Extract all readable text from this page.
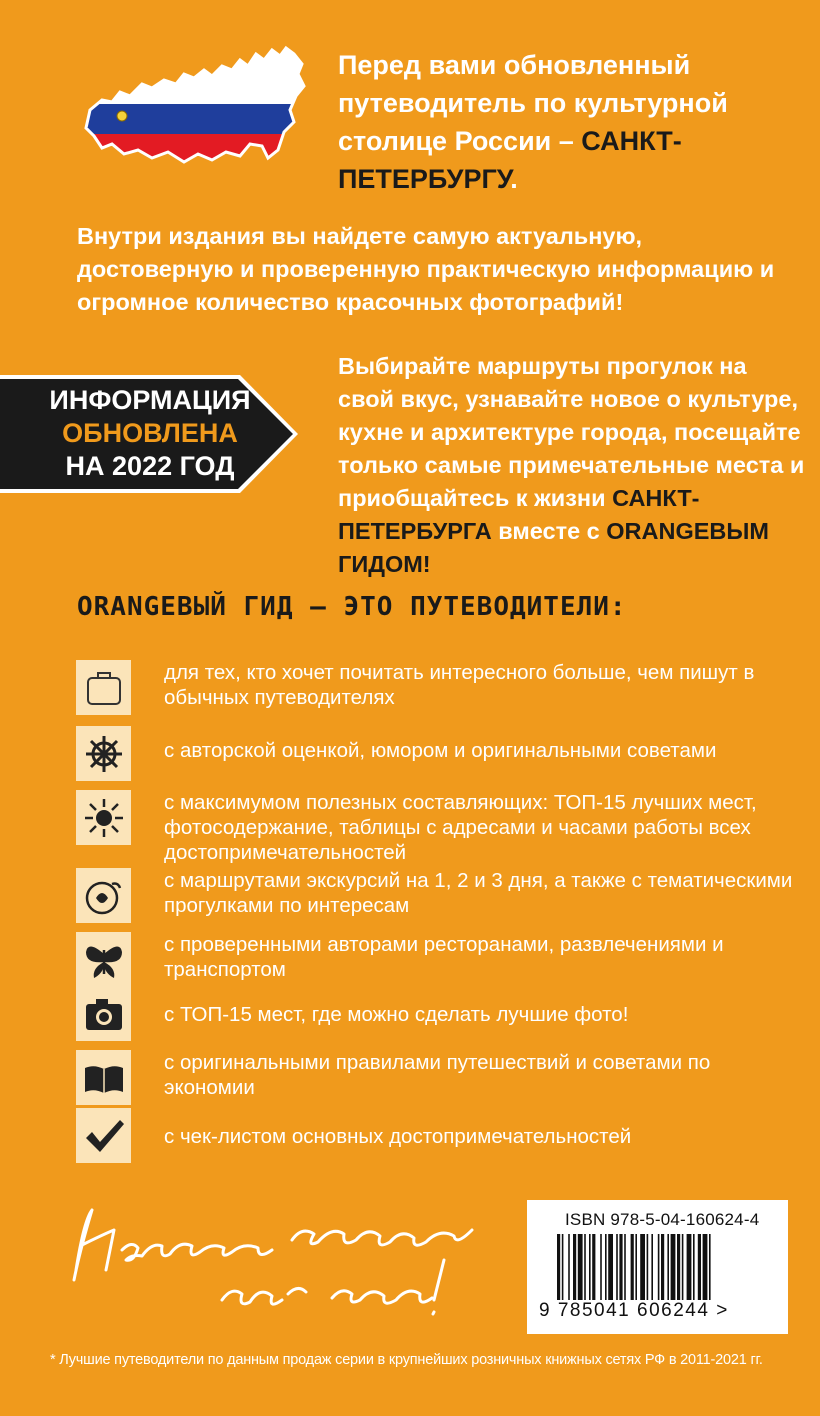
Перед вами обновленный путеводитель по культурной столице России – САНКТ-ПЕТЕРБУРГУ.
Внутри издания вы найдете самую актуальную, достоверную и проверенную практическую информацию и огромное количество красочных фотографий!
ИНФОРМАЦИЯ
ОБНОВЛЕНА
НА 2022 ГОД
Выбирайте маршруты прогулок на свой вкус, узнавайте новое о культуре, кухне и архитектуре города, посещайте только самые примечательные места и приобщайтесь к жизни САНКТ-ПЕТЕРБУРГА вместе с ORANGEВЫМ ГИДОМ!
ORANGEВЫЙ ГИД — ЭТО ПУТЕВОДИТЕЛИ:
для тех, кто хочет почитать интересного больше, чем пишут в обычных путеводителях
с авторской оценкой, юмором и оригинальными советами
с максимумом полезных составляющих: ТОП-15 лучших мест, фотосодержание, таблицы с адресами и часами работы всех достопримечательностей
с маршрутами экскурсий на 1, 2 и 3 дня, а также с тематическими прогулками по интересам
с проверенными авторами ресторанами, развлечениями и транспортом
с ТОП-15 мест, где можно сделать лучшие фото!
с оригинальными правилами путешествий и советами по экономии
с чек-листом основных достопримечательностей
ISBN 978-5-04-160624-4
9 785041 606244 >
* Лучшие путеводители по данным продаж серии в крупнейших розничных книжных сетях РФ в 2011-2021 гг.
